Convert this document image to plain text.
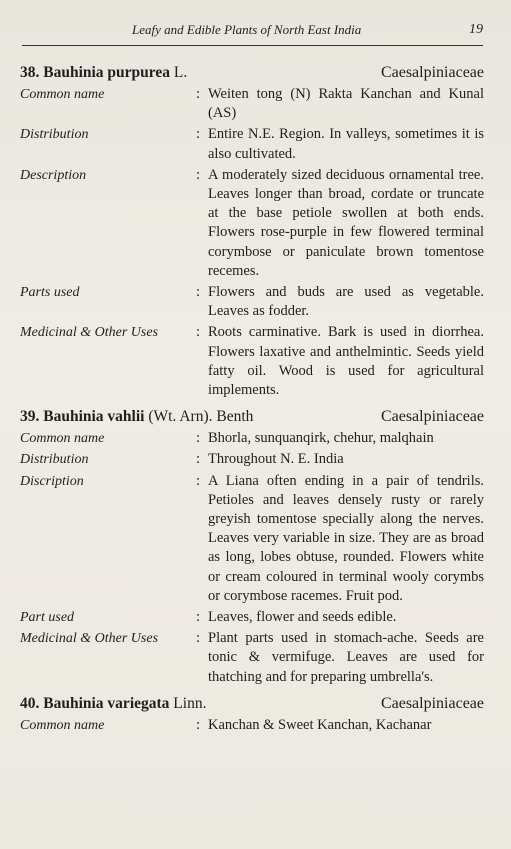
Leafy and Edible Plants of North East India	19
38. Bauhinia purpurea L.	Caesalpiniaceae
Common name	: Weiten tong (N) Rakta Kanchan and Kunal (AS)
Distribution	: Entire N.E. Region. In valleys, sometimes it is also cultivated.
Description	: A moderately sized deciduous ornamental tree. Leaves longer than broad, cordate or truncate at the base petiole swollen at both ends. Flowers rose-purple in few flowered terminal corymbose or paniculate brown tomentose recemes.
Parts used	: Flowers and buds are used as vegetable. Leaves as fodder.
Medicinal & Other Uses	: Roots carminative. Bark is used in diorrhea. Flowers laxative and anthelmintic. Seeds yield fatty oil. Wood is used for agricultural implements.
39. Bauhinia vahlii (Wt. Arn). Benth	Caesalpiniaceae
Common name	: Bhorla, sunquanqirk, chehur, malqhain
Distribution	: Throughout N. E. India
Discription	: A Liana often ending in a pair of tendrils. Petioles and leaves densely rusty or rarely greyish tomentose specially along the nerves. Leaves very variable in size. They are as broad as long, lobes obtuse, rounded. Flowers white or cream coloured in terminal wooly corymbs or corymbose racemes. Fruit pod.
Part used	: Leaves, flower and seeds edible.
Medicinal & Other Uses	: Plant parts used in stomach-ache. Seeds are tonic & vermifuge. Leaves are used for thatching and for preparing umbrella's.
40. Bauhinia variegata Linn.	Caesalpiniaceae
Common name	: Kanchan & Sweet Kanchan, Kachanar
